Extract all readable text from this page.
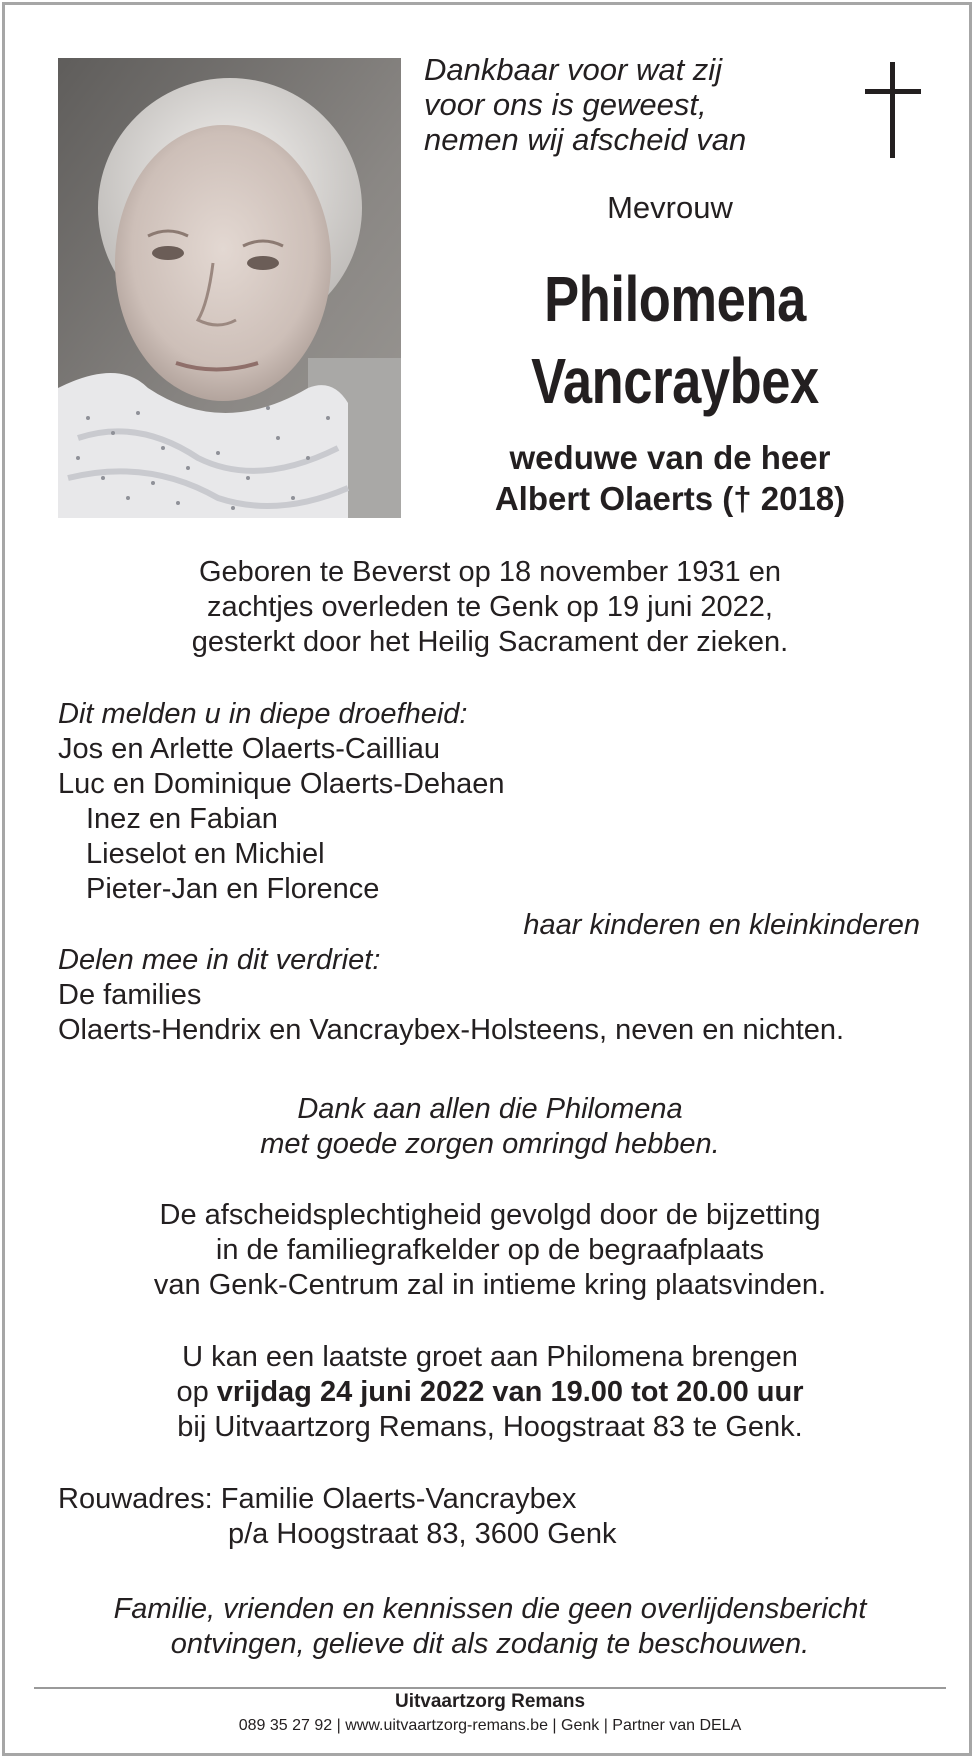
Dankbaar voor wat zij

voor ons is geweest,

nemen wij afscheid van

Mevrouw

Philomena

Vancraybex

weduwe van de heer

Albert Olaerts († 2018)

Geboren te Beverst op 18 november 1931 en

zachtjes overleden te Genk op 19 juni 2022,

gesterkt door het Heilig Sacrament der zieken.

Dit melden u in diepe droefheid:

Jos en Arlette Olaerts-Cailliau

Luc en Dominique Olaerts-Dehaen

Inez en Fabian

Lieselot en Michiel

Pieter-Jan en Florence

haar kinderen en kleinkinderen

Delen mee in dit verdriet:

De families

Olaerts-Hendrix en Vancraybex-Holsteens, neven en nichten.

Dank aan allen die Philomena

met goede zorgen omringd hebben.

De afscheidsplechtigheid gevolgd door de bijzetting

in de familiegrafkelder op de begraafplaats

van Genk-Centrum zal in intieme kring plaatsvinden.

U kan een laatste groet aan Philomena brengen

op vrijdag 24 juni 2022 van 19.00 tot 20.00 uur

bij Uitvaartzorg Remans, Hoogstraat 83 te Genk.

Rouwadres: Familie Olaerts-Vancraybex

p/a Hoogstraat 83, 3600 Genk

Familie, vrienden en kennissen die geen overlijdensbericht

ontvingen, gelieve dit als zodanig te beschouwen.

Uitvaartzorg Remans
089 35 27 92 | www.uitvaartzorg-remans.be | Genk | Partner van DELA
